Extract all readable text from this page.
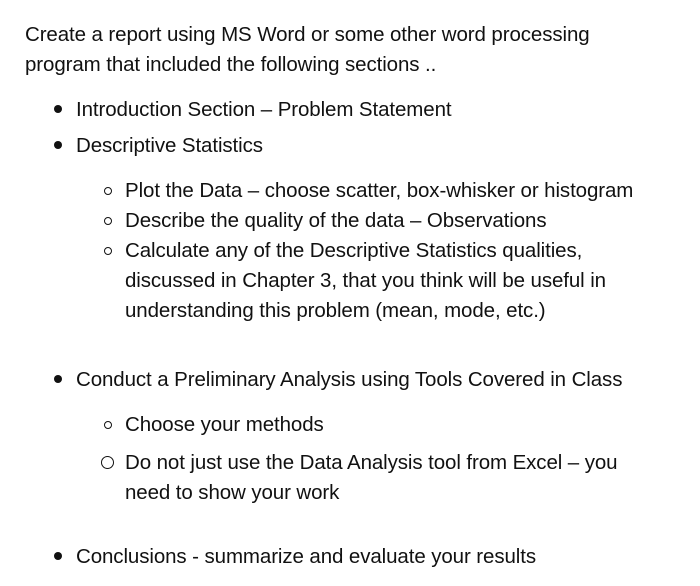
Create a report using MS Word or some other word processing
program that included the following sections ..
Introduction Section – Problem Statement
Descriptive Statistics
Plot the Data – choose scatter, box-whisker or histogram
Describe the quality of the data – Observations
Calculate any of the Descriptive Statistics qualities,
discussed in Chapter 3, that you think will be useful in
understanding this problem (mean, mode, etc.)
Conduct a Preliminary Analysis using Tools Covered in Class
Choose your methods
Do not just use the Data Analysis tool from Excel – you
need to show your work
Conclusions - summarize and evaluate your results
